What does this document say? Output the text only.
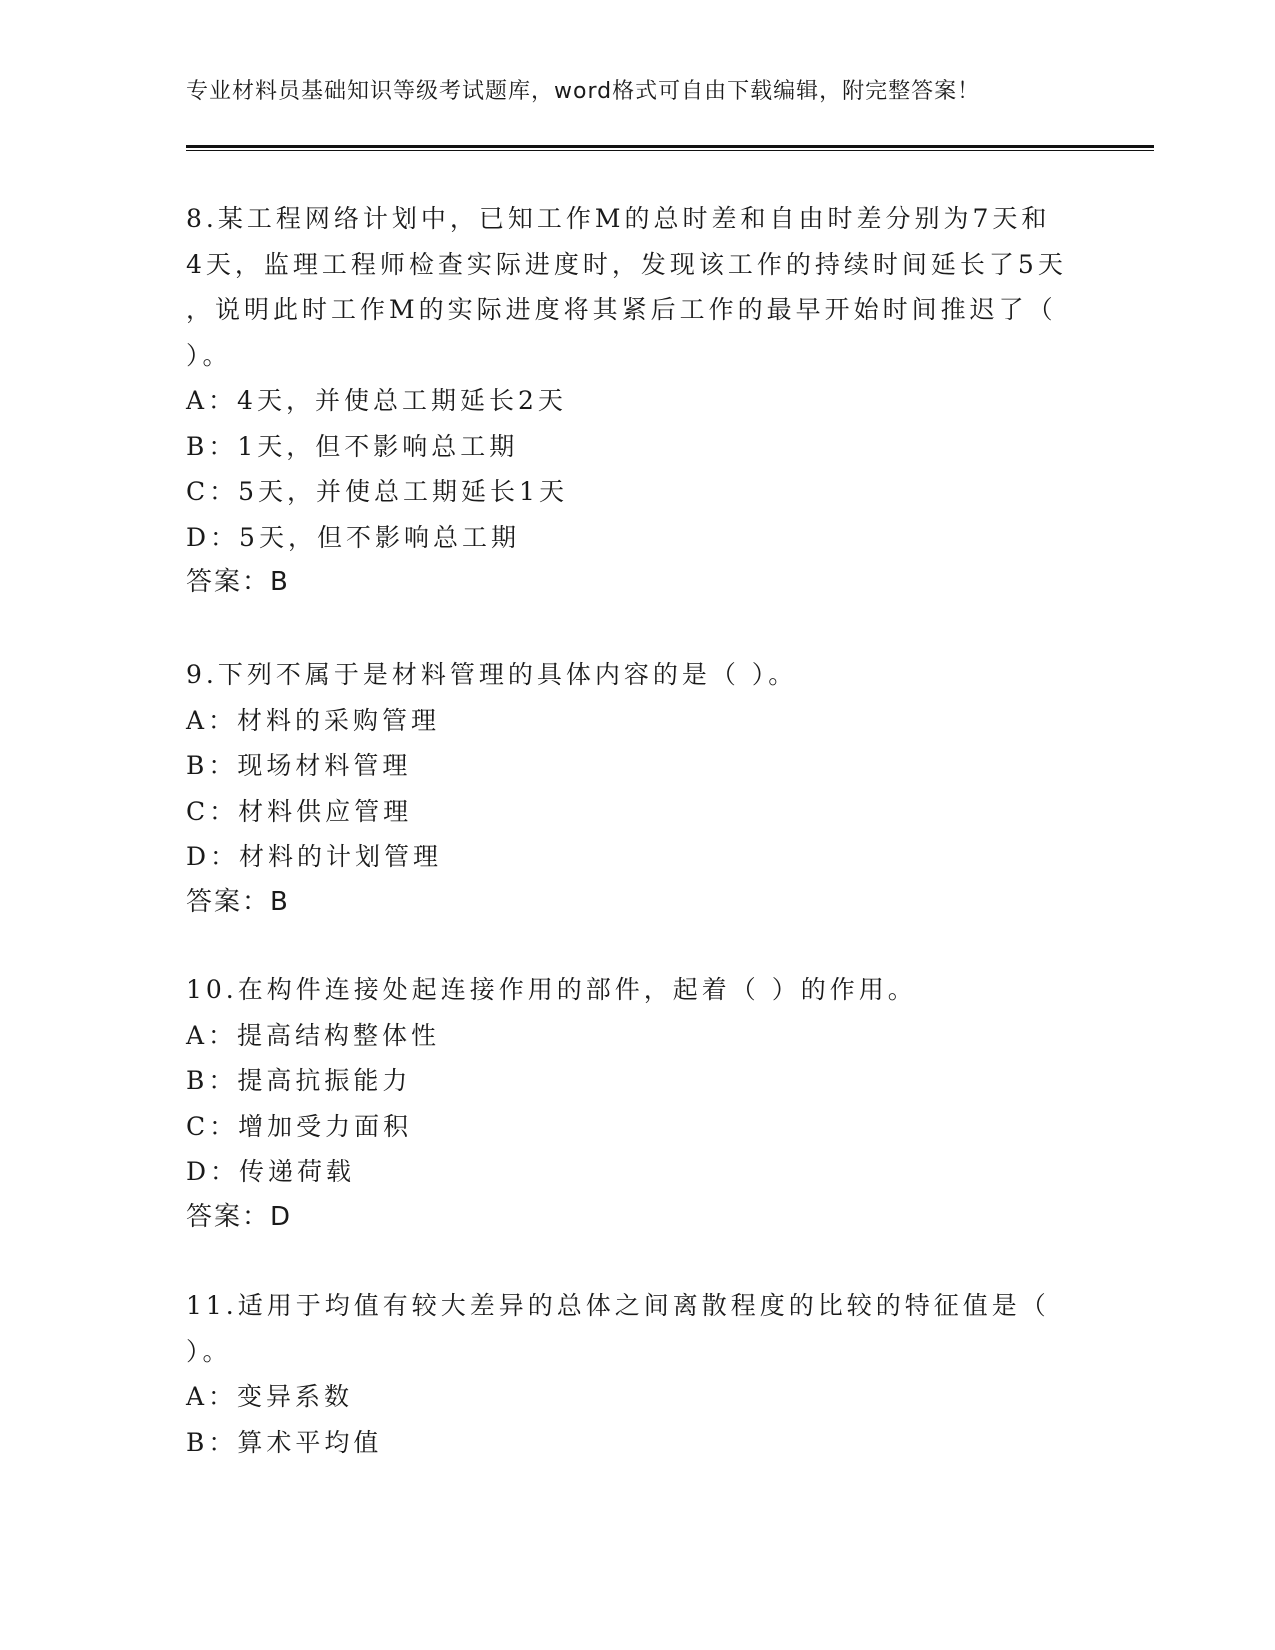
专业材料员基础知识等级考试题库，word格式可自由下载编辑，附完整答案！
8.某工程网络计划中，已知工作M的总时差和自由时差分别为7天和
4天，监理工程师检查实际进度时，发现该工作的持续时间延长了5天
，说明此时工作M的实际进度将其紧后工作的最早开始时间推迟了（
）。
A：4天，并使总工期延长2天
B：1天，但不影响总工期
C：5天，并使总工期延长1天
D：5天，但不影响总工期
答案：B
9.下列不属于是材料管理的具体内容的是（ ）。
A：材料的采购管理
B：现场材料管理
C：材料供应管理
D：材料的计划管理
答案：B
10.在构件连接处起连接作用的部件，起着（ ）的作用。
A：提高结构整体性
B：提高抗振能力
C：增加受力面积
D：传递荷载
答案：D
11.适用于均值有较大差异的总体之间离散程度的比较的特征值是（
）。
A：变异系数
B：算术平均值
